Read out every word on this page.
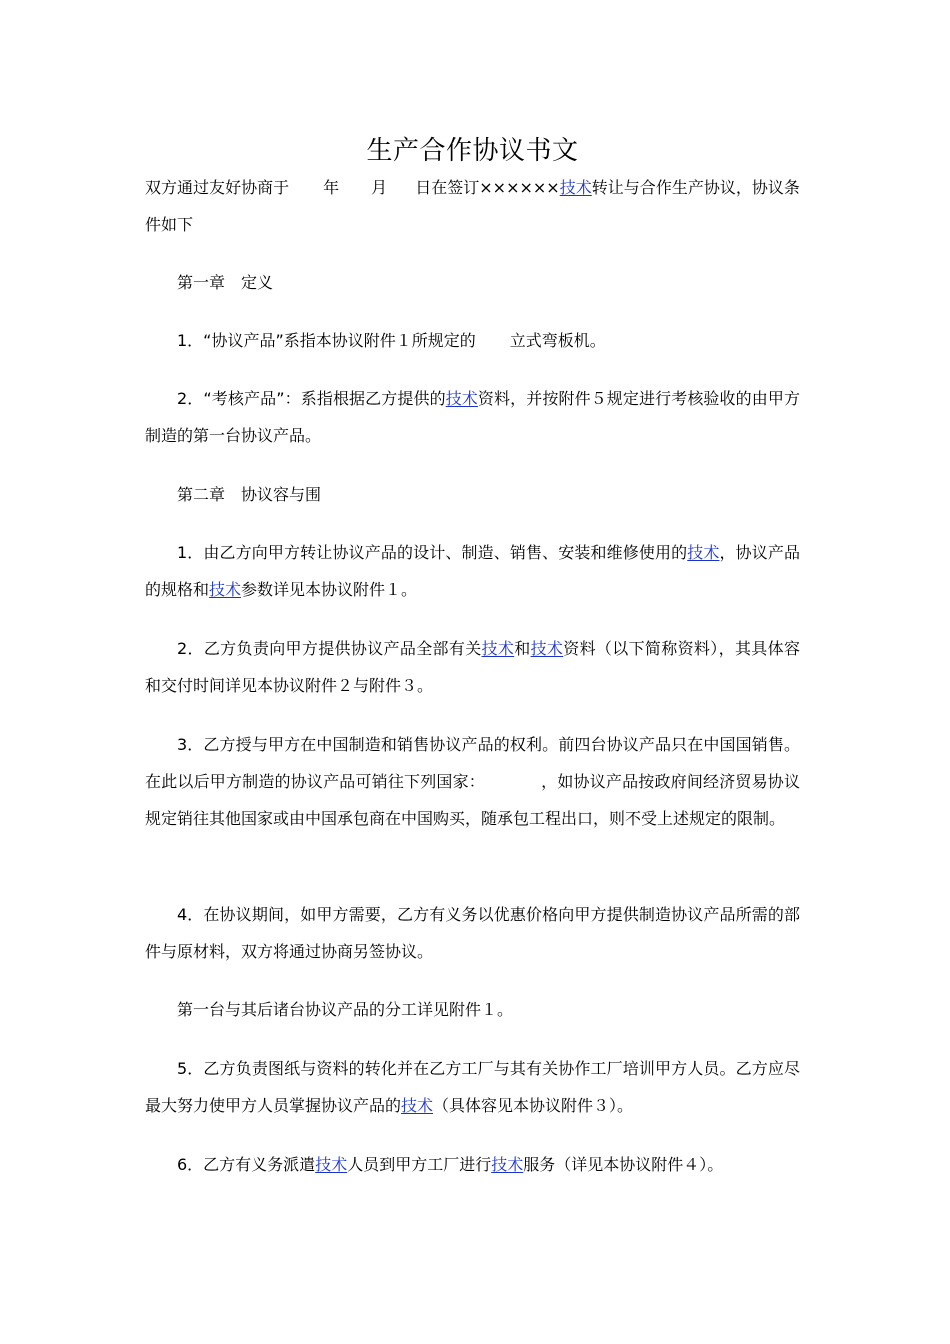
生产合作协议书文
双方通过友好协商于 年 月 日在签订××××××技术转让与合作生产协议，协议条件如下
第一章　定义
1．“协议产品”系指本协议附件１所规定的 立式弯板机。
2．“考核产品”：系指根据乙方提供的技术资料，并按附件５规定进行考核验收的由甲方制造的第一台协议产品。
第二章　协议容与围
1．由乙方向甲方转让协议产品的设计、制造、销售、安装和维修使用的技术，协议产品的规格和技术参数详见本协议附件１。
2．乙方负责向甲方提供协议产品全部有关技术和技术资料（以下简称资料），其具体容和交付时间详见本协议附件２与附件３。
3．乙方授与甲方在中国制造和销售协议产品的权利。前四台协议产品只在中国国销售。在此以后甲方制造的协议产品可销往下列国家：	，如协议产品按政府间经济贸易协议规定销往其他国家或由中国承包商在中国购买，随承包工程出口，则不受上述规定的限制。
4．在协议期间，如甲方需要，乙方有义务以优惠价格向甲方提供制造协议产品所需的部件与原材料，双方将通过协商另签协议。
第一台与其后诸台协议产品的分工详见附件１。
5．乙方负责图纸与资料的转化并在乙方工厂与其有关协作工厂培训甲方人员。乙方应尽最大努力使甲方人员掌握协议产品的技术（具体容见本协议附件３）。
6．乙方有义务派遣技术人员到甲方工厂进行技术服务（详见本协议附件４）。
